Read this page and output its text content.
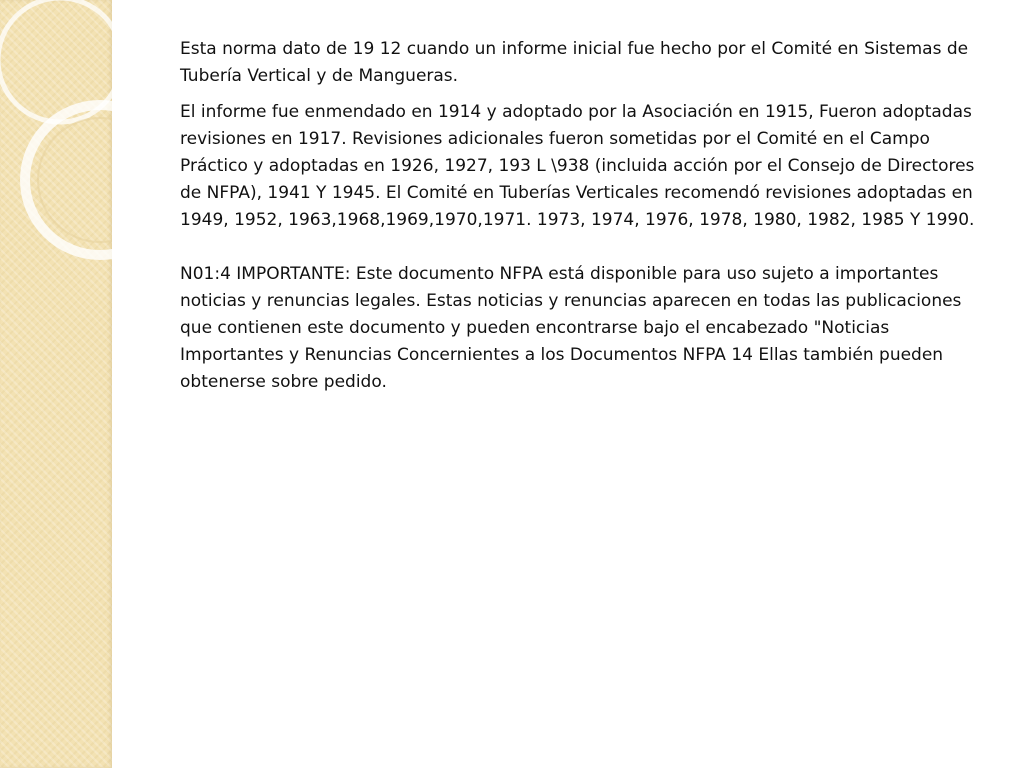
Esta norma dato de 19 12 cuando un informe inicial fue hecho por el Comité en Sistemas de Tubería Vertical y de Mangueras.

El informe fue enmendado en 1914 y adoptado por la Asociación en 1915, Fueron adoptadas revisiones en 1917. Revisiones adicionales fueron sometidas por el Comité en el Campo Práctico y adoptadas en 1926, 1927, 193 L \938 (incluida acción por el Consejo de Directores de NFPA), 1941 Y 1945. El Comité en Tuberías Verticales recomendó revisiones adoptadas en 1949, 1952, 1963,1968,1969,1970,1971. 1973, 1974, 1976, 1978, 1980, 1982, 1985 Y 1990.

N01:4 IMPORTANTE: Este documento NFPA está disponible para uso sujeto a importantes noticias y renuncias legales. Estas noticias y renuncias aparecen en todas las publicaciones que contienen este documento y pueden encontrarse bajo el encabezado "Noticias Importantes y Renuncias Concernientes a los Documentos NFPA 14 Ellas también pueden obtenerse sobre pedido.
